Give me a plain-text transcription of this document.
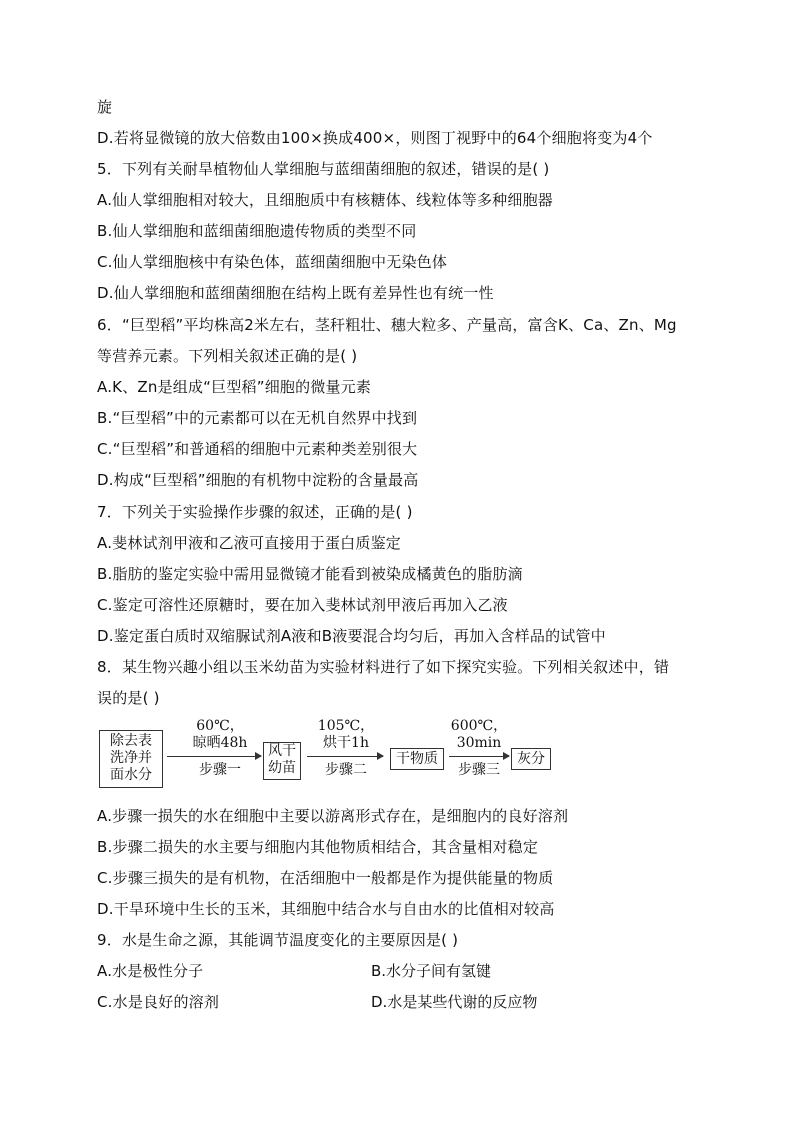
旋
D.若将显微镜的放大倍数由100×换成400×，则图丁视野中的64个细胞将变为4个
5．下列有关耐旱植物仙人掌细胞与蓝细菌细胞的叙述，错误的是( )
A.仙人掌细胞相对较大，且细胞质中有核糖体、线粒体等多种细胞器
B.仙人掌细胞和蓝细菌细胞遗传物质的类型不同
C.仙人掌细胞核中有染色体，蓝细菌细胞中无染色体
D.仙人掌细胞和蓝细菌细胞在结构上既有差异性也有统一性
6．“巨型稻”平均株高2米左右，茎秆粗壮、穗大粒多、产量高，富含K、Ca、Zn、Mg
等营养元素。下列相关叙述正确的是( )
A.K、Zn是组成“巨型稻”细胞的微量元素
B.“巨型稻”中的元素都可以在无机自然界中找到
C.“巨型稻”和普通稻的细胞中元素种类差别很大
D.构成“巨型稻”细胞的有机物中淀粉的含量最高
7．下列关于实验操作步骤的叙述，正确的是( )
A.斐林试剂甲液和乙液可直接用于蛋白质鉴定
B.脂肪的鉴定实验中需用显微镜才能看到被染成橘黄色的脂肪滴
C.鉴定可溶性还原糖时，要在加入斐林试剂甲液后再加入乙液
D.鉴定蛋白质时双缩脲试剂A液和B液要混合均匀后，再加入含样品的试管中
8．某生物兴趣小组以玉米幼苗为实验材料进行了如下探究实验。下列相关叙述中，错
误的是( )
除去表
洗净并
面水分
60℃，
晾晒48h
步骤一
风干
幼苗
105℃，
烘干1h
步骤二
干物质
600℃，
30min
步骤三
灰分
A.步骤一损失的水在细胞中主要以游离形式存在，是细胞内的良好溶剂
B.步骤二损失的水主要与细胞内其他物质相结合，其含量相对稳定
C.步骤三损失的是有机物，在活细胞中一般都是作为提供能量的物质
D.干旱环境中生长的玉米，其细胞中结合水与自由水的比值相对较高
9．水是生命之源，其能调节温度变化的主要原因是( )
A.水是极性分子	B.水分子间有氢键
C.水是良好的溶剂	D.水是某些代谢的反应物
